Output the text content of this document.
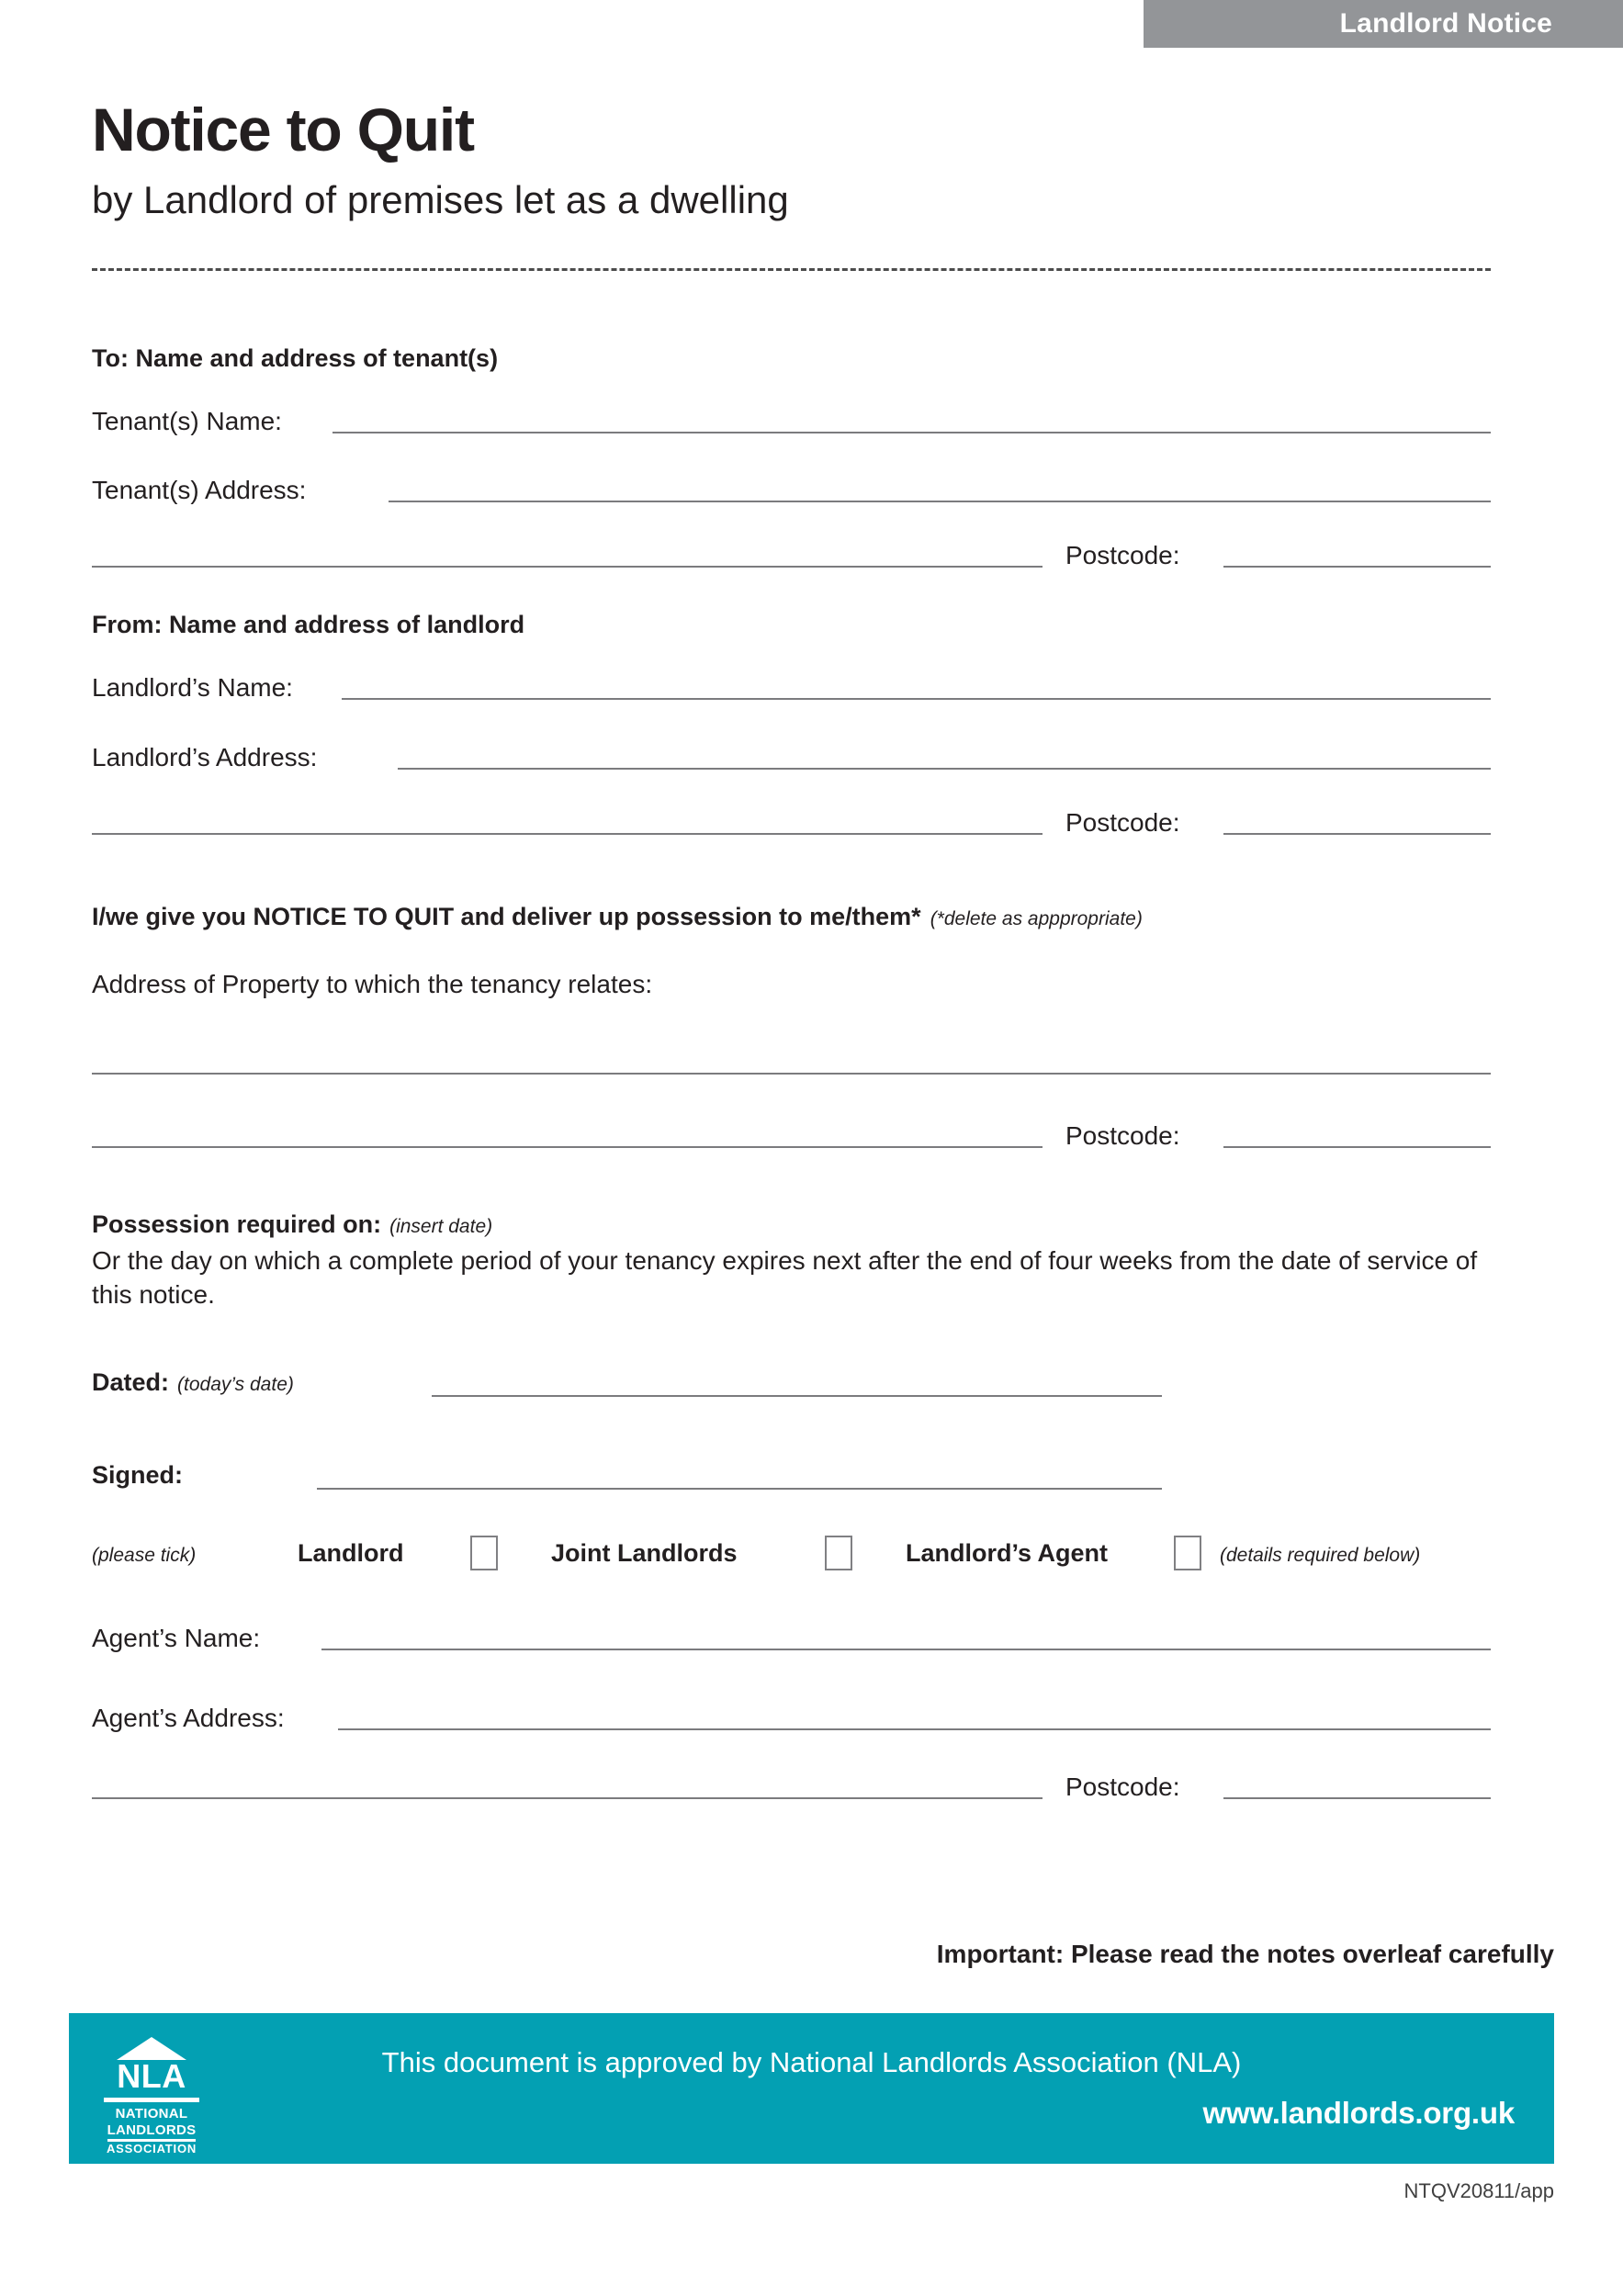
Landlord Notice
Notice to Quit
by Landlord of premises let as a dwelling
To: Name and address of tenant(s)
Tenant(s) Name:
Tenant(s) Address:
Postcode:
From: Name and address of landlord
Landlord’s Name:
Landlord’s Address:
Postcode:
I/we give you NOTICE TO QUIT and deliver up possession to me/them* (*delete as apppropriate)
Address of Property to which the tenancy relates:
Postcode:
Possession required on: (insert date)
Or the day on which a complete period of your tenancy expires next after the end of four weeks from the date of service of this notice.
Dated: (today’s date)
Signed:
(please tick)	Landlord	Joint Landlords	Landlord’s Agent	(details required below)
Agent’s Name:
Agent’s Address:
Postcode:
Important: Please read the notes overleaf carefully
NLA
NATIONAL
LANDLORDS
ASSOCIATION
This document is approved by National Landlords Association (NLA)
www.landlords.org.uk
NTQV20811/app
